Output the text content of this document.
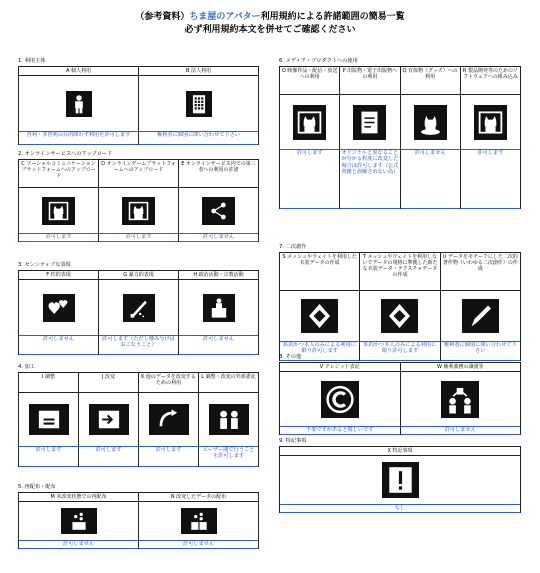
（参考資料）ちま屋のアバター利用規約による許諾範囲の簡易一覧
必ず利用規約本文を併せてご確認ください
1. 利用主体
A 個人利用
営利・非営利の目的問わず利用を許可します
B 法人利用
権利者に個別に問い合わせて下さい
2. オンラインサービスへのアップロード
C ソーシャルコミュニケーションプラットフォームへのアップロード
許可します
D オンラインゲームプラットフォームへのアップロード
許可します
E オンラインサービス内での第三者への利用の許諾
許可しません
3. センシティブな表現
F 性的表現
許可しません
G 暴力的表現
許可します（ただし棲み分けはおこなうこと）
H 政治活動・宗教活動
許可しません
4. 加工
I 調整
許可します
J 改変
許可します
K 他のデータを改変するための利用
許可します
L 調整・改変の外部委託
ユーザー間で行うことを許可します
5. 再配布・配布
M 未改変状態での再配布
許可しません
N 改変したデータの配布
許可しません
6. メディア・プロダクトへの使用
O 映像作品・配信・放送への利用
許可します
P 出版物・電子出版物への利用
オリジナルと異なることが分かる程度に改変した場合は許可します（公式書籍と誤解されない為）
Q 有体物（グッズ）への利用
許可しません
R 製品開発等のためのソフトウェアへの組み込み
許可します
7. 二次創作
S メッシュやウェイトを利用した衣装データの作成
私的かつ本人のみによる利用に限り許可します
T メッシュやウェイトを利用しないでデータの規格に準拠した新たな衣装データ・テクスチャデータの作成
私的かつ本人のみによる利用に限り許可します
U データをモチーフにした二次的著作物（いわゆる二次創作）の作成
権利者に個別に問い合わせて下さい
8. その他
V クレジット表記
不要ですがあると嬉しいです
W 権利義務の譲渡等
許可しません
9. 特記事項
X 特記事項
なし
